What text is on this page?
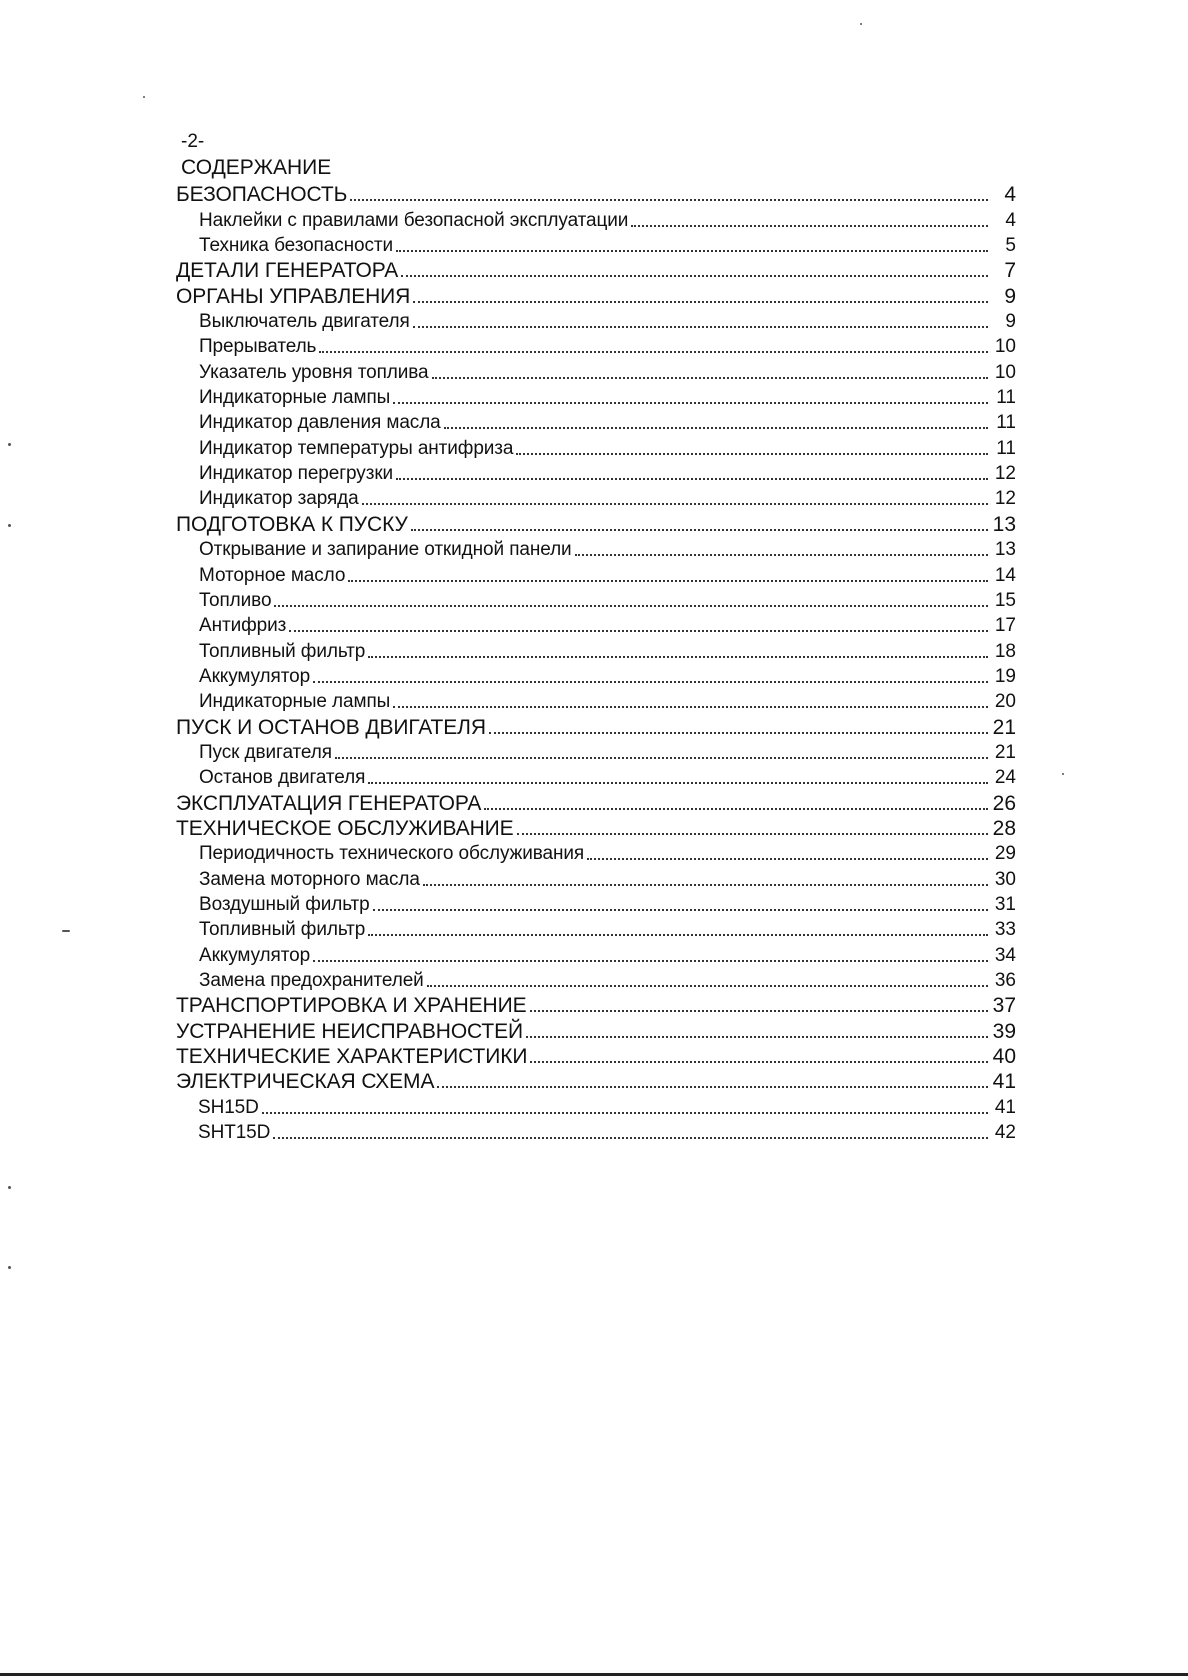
-2-
СОДЕРЖАНИЕ
БЕЗОПАСНОСТЬ	4
Наклейки с правилами безопасной эксплуатации	4
Техника безопасности	5
ДЕТАЛИ ГЕНЕРАТОРА	7
ОРГАНЫ УПРАВЛЕНИЯ	9
Выключатель двигателя	9
Прерыватель	10
Указатель уровня топлива	10
Индикаторные лампы	11
Индикатор давления масла	11
Индикатор температуры антифриза	11
Индикатор перегрузки	12
Индикатор заряда	12
ПОДГОТОВКА К ПУСКУ	13
Открывание и запирание откидной панели	13
Моторное масло	14
Топливо	15
Антифриз	17
Топливный фильтр	18
Аккумулятор	19
Индикаторные лампы	20
ПУСК И ОСТАНОВ ДВИГАТЕЛЯ	21
Пуск двигателя	21
Останов двигателя	24
ЭКСПЛУАТАЦИЯ ГЕНЕРАТОРА	26
ТЕХНИЧЕСКОЕ ОБСЛУЖИВАНИЕ	28
Периодичность технического обслуживания	29
Замена моторного масла	30
Воздушный фильтр	31
Топливный фильтр	33
Аккумулятор	34
Замена предохранителей	36
ТРАНСПОРТИРОВКА И ХРАНЕНИЕ	37
УСТРАНЕНИЕ НЕИСПРАВНОСТЕЙ	39
ТЕХНИЧЕСКИЕ ХАРАКТЕРИСТИКИ	40
ЭЛЕКТРИЧЕСКАЯ СХЕМА	41
SH15D	41
SHT15D	42
